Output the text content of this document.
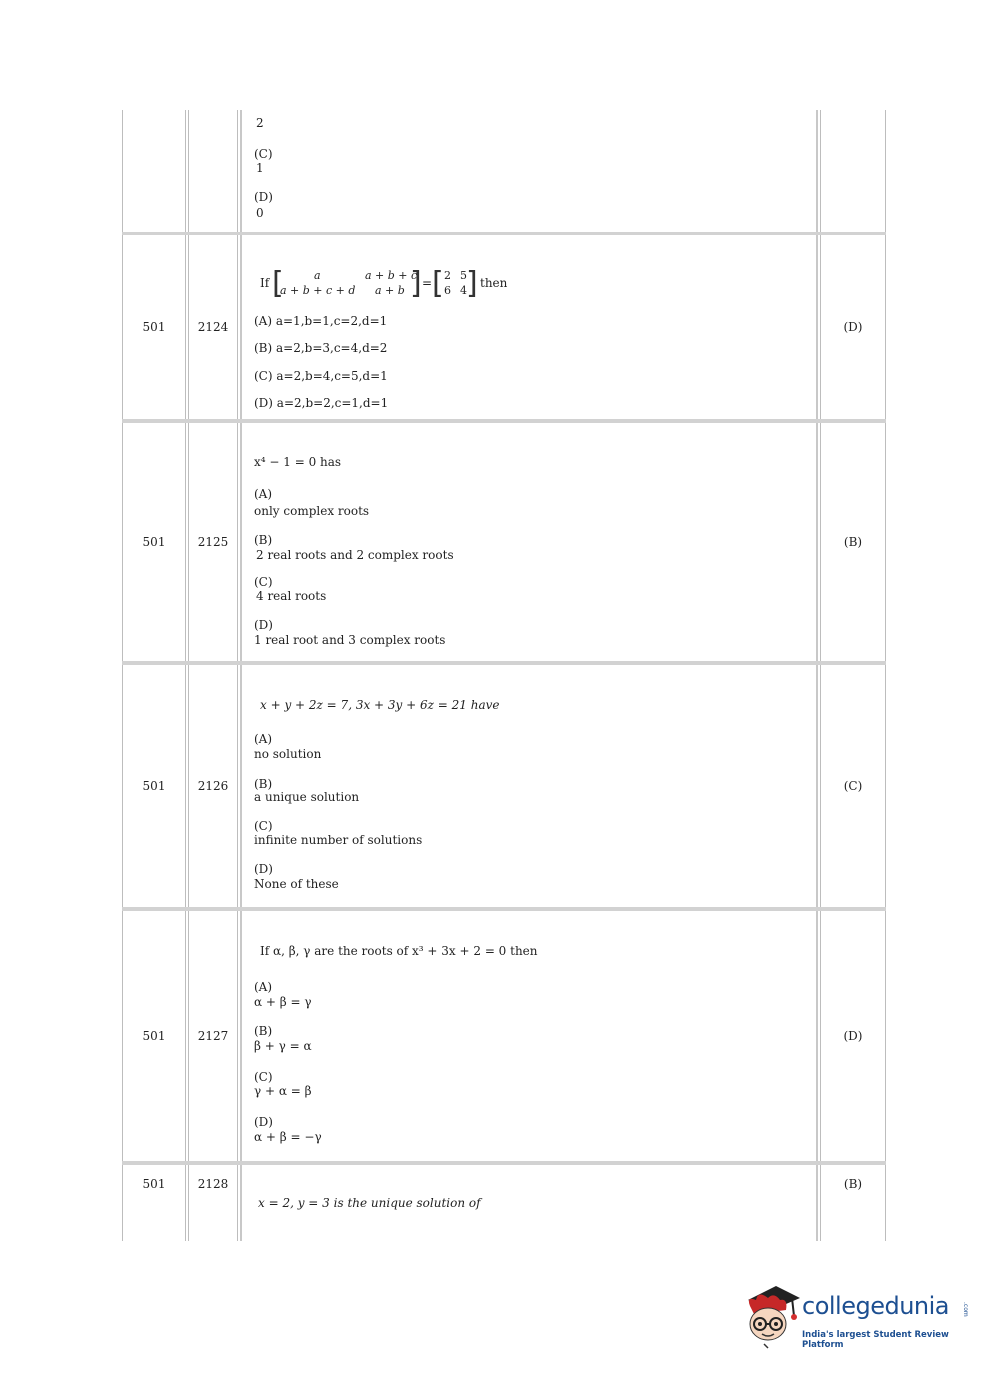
2
(C)
1
(D)
0
501	2124
If [	a	a + b + c
a + b + c + d a + b ] = [ 2 5
6 4 ] then
(A) a=1,b=1,c=2,d=1
(B) a=2,b=3,c=4,d=2
(C) a=2,b=4,c=5,d=1
(D) a=2,b=2,c=1,d=1
(D)
501	2125
x⁴ − 1 = 0 has
(A)
only complex roots
(B)
2 real roots and 2 complex roots
(C)
4 real roots
(D)
1 real root and 3 complex roots
(B)
501	2126
x + y + 2z = 7, 3x + 3y + 6z = 21 have
(A)
no solution
(B)
a unique solution
(C)
infinite number of solutions
(D)
None of these
(C)
501	2127
If α, β, γ are the roots of x³ + 3x + 2 = 0 then
(A)
α + β = γ
(B)
β + γ = α
(C)
γ + α = β
(D)
α + β = −γ
(D)
501	2128
x = 2, y = 3 is the unique solution of
(B)
collegedunia .com
India's largest Student Review Platform
